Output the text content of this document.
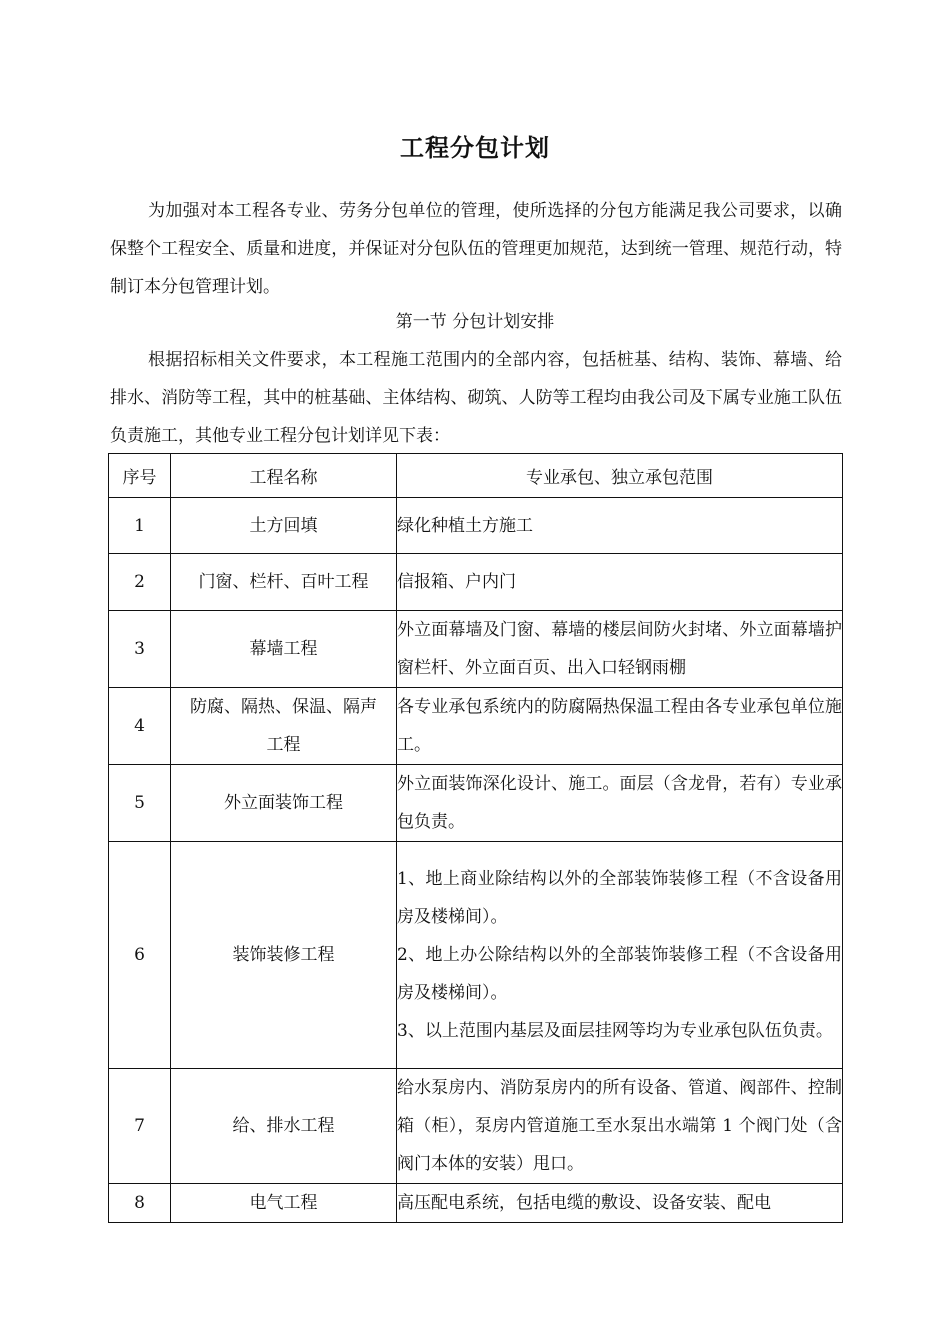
工程分包计划

为加强对本工程各专业、劳务分包单位的管理，使所选择的分包方能满足我公司要求，以确保整个工程安全、质量和进度，并保证对分包队伍的管理更加规范，达到统一管理、规范行动，特制订本分包管理计划。

第一节 分包计划安排

根据招标相关文件要求，本工程施工范围内的全部内容，包括桩基、结构、装饰、幕墙、给排水、消防等工程，其中的桩基础、主体结构、砌筑、人防等工程均由我公司及下属专业施工队伍负责施工，其他专业工程分包计划详见下表：

序号	工程名称	专业承包、独立承包范围
1	土方回填	绿化种植土方施工

2	门窗、栏杆、百叶工程	信报箱、户内门

3	幕墙工程	外立面幕墙及门窗、幕墙的楼层间防火封堵、外立面幕墙护窗栏杆、外立面百页、出入口轻钢雨棚

4	防腐、隔热、保温、隔声工程	各专业承包系统内的防腐隔热保温工程由各专业承包单位施工。

5	外立面装饰工程	外立面装饰深化设计、施工。面层（含龙骨，若有）专业承包负责。

6	装饰装修工程	1、地上商业除结构以外的全部装饰装修工程（不含设备用房及楼梯间）。
2、地上办公除结构以外的全部装饰装修工程（不含设备用房及楼梯间）。
3、以上范围内基层及面层挂网等均为专业承包队伍负责。

7	给、排水工程	给水泵房内、消防泵房内的所有设备、管道、阀部件、控制箱（柜），泵房内管道施工至水泵出水端第 1 个阀门处（含阀门本体的安装）甩口。

8	电气工程	高压配电系统，包括电缆的敷设、设备安装、配电
